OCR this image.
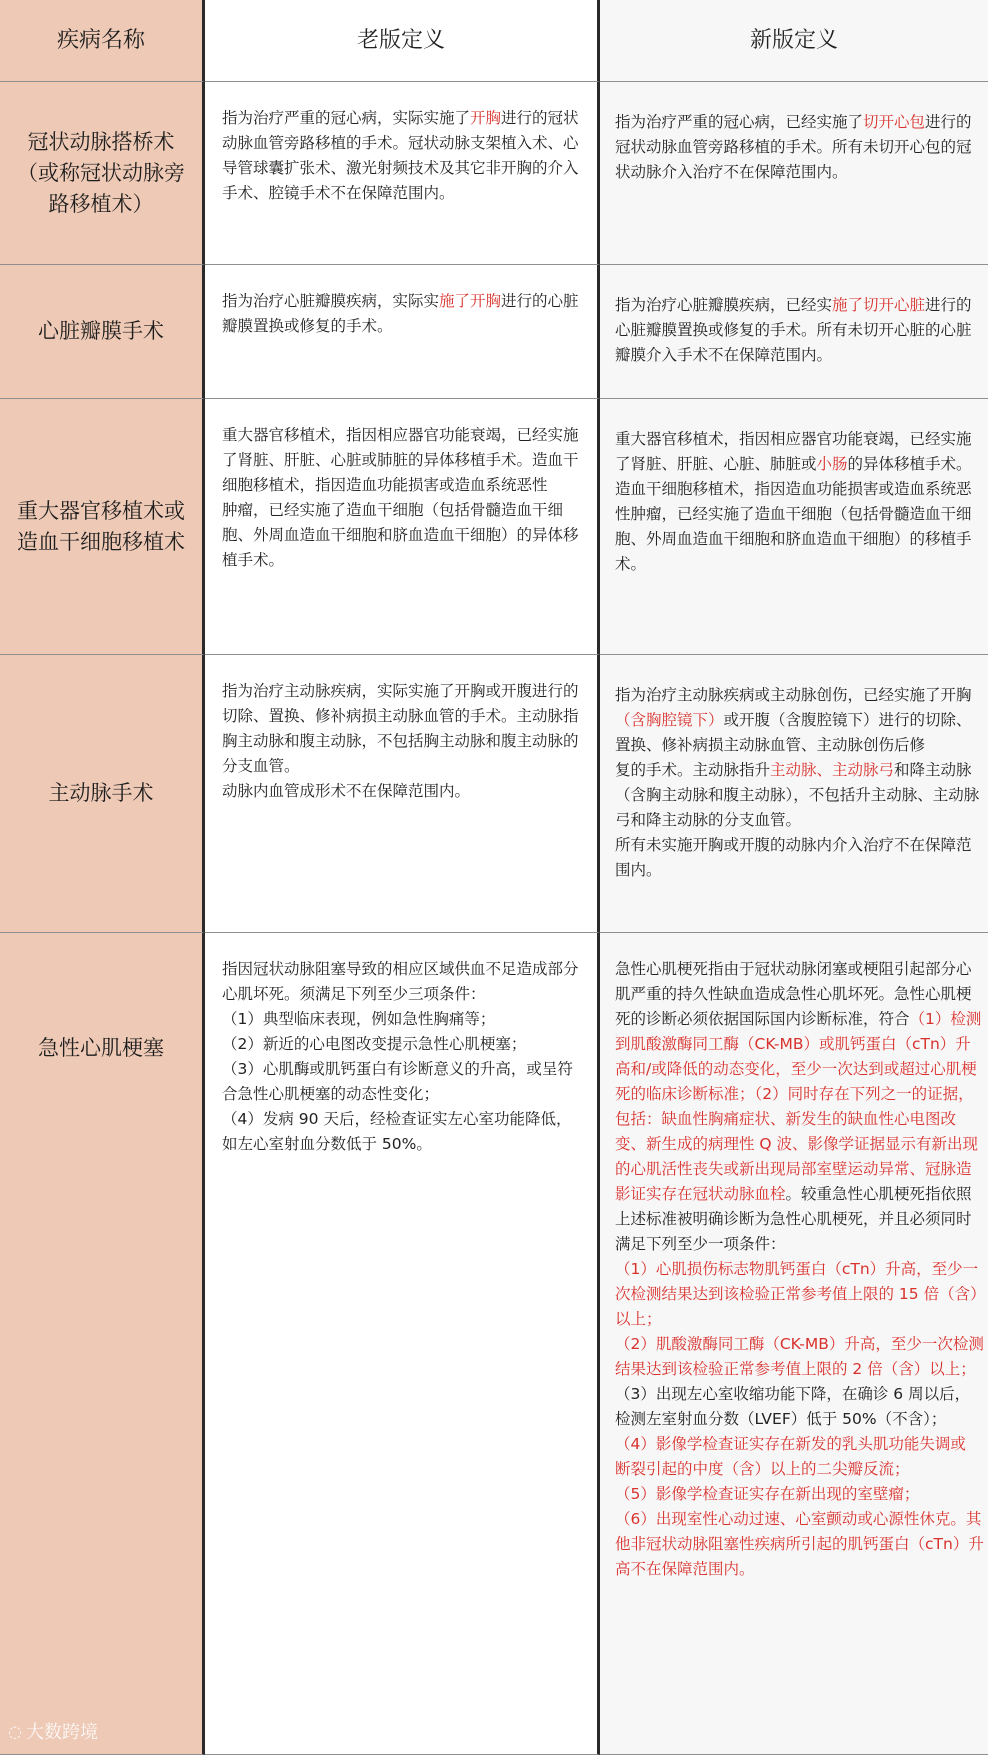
疾病名称	老版定义	新版定义
冠状动脉搭桥术（或称冠状动脉旁路移植术）
指为治疗严重的冠心病，实际实施了开胸进行的冠状动脉血管旁路移植的手术。冠状动脉支架植入术、心导管球囊扩张术、激光射频技术及其它非开胸的介入手术、腔镜手术不在保障范围内。
指为治疗严重的冠心病，已经实施了切开心包进行的冠状动脉血管旁路移植的手术。所有未切开心包的冠状动脉介入治疗不在保障范围内。
心脏瓣膜手术
指为治疗心脏瓣膜疾病，实际实施了开胸进行的心脏瓣膜置换或修复的手术。
指为治疗心脏瓣膜疾病，已经实施了切开心脏进行的心脏瓣膜置换或修复的手术。所有未切开心脏的心脏瓣膜介入手术不在保障范围内。
重大器官移植术或造血干细胞移植术
重大器官移植术，指因相应器官功能衰竭，已经实施了肾脏、肝脏、心脏或肺脏的异体移植手术。造血干细胞移植术，指因造血功能损害或造血系统恶性
肿瘤，已经实施了造血干细胞（包括骨髓造血干细胞、外周血造血干细胞和脐血造血干细胞）的异体移植手术。
重大器官移植术，指因相应器官功能衰竭，已经实施了肾脏、肝脏、心脏、肺脏或小肠的异体移植手术。
造血干细胞移植术，指因造血功能损害或造血系统恶性肿瘤，已经实施了造血干细胞（包括骨髓造血干细胞、外周血造血干细胞和脐血造血干细胞）的移植手术。
主动脉手术
指为治疗主动脉疾病，实际实施了开胸或开腹进行的切除、置换、修补病损主动脉血管的手术。主动脉指胸主动脉和腹主动脉，不包括胸主动脉和腹主动脉的分支血管。
动脉内血管成形术不在保障范围内。
指为治疗主动脉疾病或主动脉创伤，已经实施了开胸（含胸腔镜下）或开腹（含腹腔镜下）进行的切除、置换、修补病损主动脉血管、主动脉创伤后修
复的手术。主动脉指升主动脉、主动脉弓和降主动脉（含胸主动脉和腹主动脉），不包括升主动脉、主动脉弓和降主动脉的分支血管。
所有未实施开胸或开腹的动脉内介入治疗不在保障范围内。
急性心肌梗塞
指因冠状动脉阻塞导致的相应区域供血不足造成部分心肌坏死。须满足下列至少三项条件：
（1）典型临床表现，例如急性胸痛等；
（2）新近的心电图改变提示急性心肌梗塞；
（3）心肌酶或肌钙蛋白有诊断意义的升高，或呈符合急性心肌梗塞的动态性变化；
（4）发病 90 天后，经检查证实左心室功能降低，如左心室射血分数低于 50%。
急性心肌梗死指由于冠状动脉闭塞或梗阻引起部分心肌严重的持久性缺血造成急性心肌坏死。急性心肌梗死的诊断必须依据国际国内诊断标准，符合（1）检测到肌酸激酶同工酶（CK-MB）或肌钙蛋白（cTn）升高和/或降低的动态变化，至少一次达到或超过心肌梗死的临床诊断标准；（2）同时存在下列之一的证据，包括：缺血性胸痛症状、新发生的缺血性心电图改变、新生成的病理性 Q 波、影像学证据显示有新出现的心肌活性丧失或新出现局部室壁运动异常、冠脉造影证实存在冠状动脉血栓。较重急性心肌梗死指依照上述标准被明确诊断为急性心肌梗死，并且必须同时满足下列至少一项条件：
（1）心肌损伤标志物肌钙蛋白（cTn）升高，至少一次检测结果达到该检验正常参考值上限的 15 倍（含）以上；
（2）肌酸激酶同工酶（CK-MB）升高，至少一次检测结果达到该检验正常参考值上限的 2 倍（含）以上；
（3）出现左心室收缩功能下降，在确诊 6 周以后，检测左室射血分数（LVEF）低于 50%（不含）；
（4）影像学检查证实存在新发的乳头肌功能失调或
断裂引起的中度（含）以上的二尖瓣反流；
（5）影像学检查证实存在新出现的室壁瘤；
（6）出现室性心动过速、心室颤动或心源性休克。其他非冠状动脉阻塞性疾病所引起的肌钙蛋白（cTn）升高不在保障范围内。
◌ 大数跨境
